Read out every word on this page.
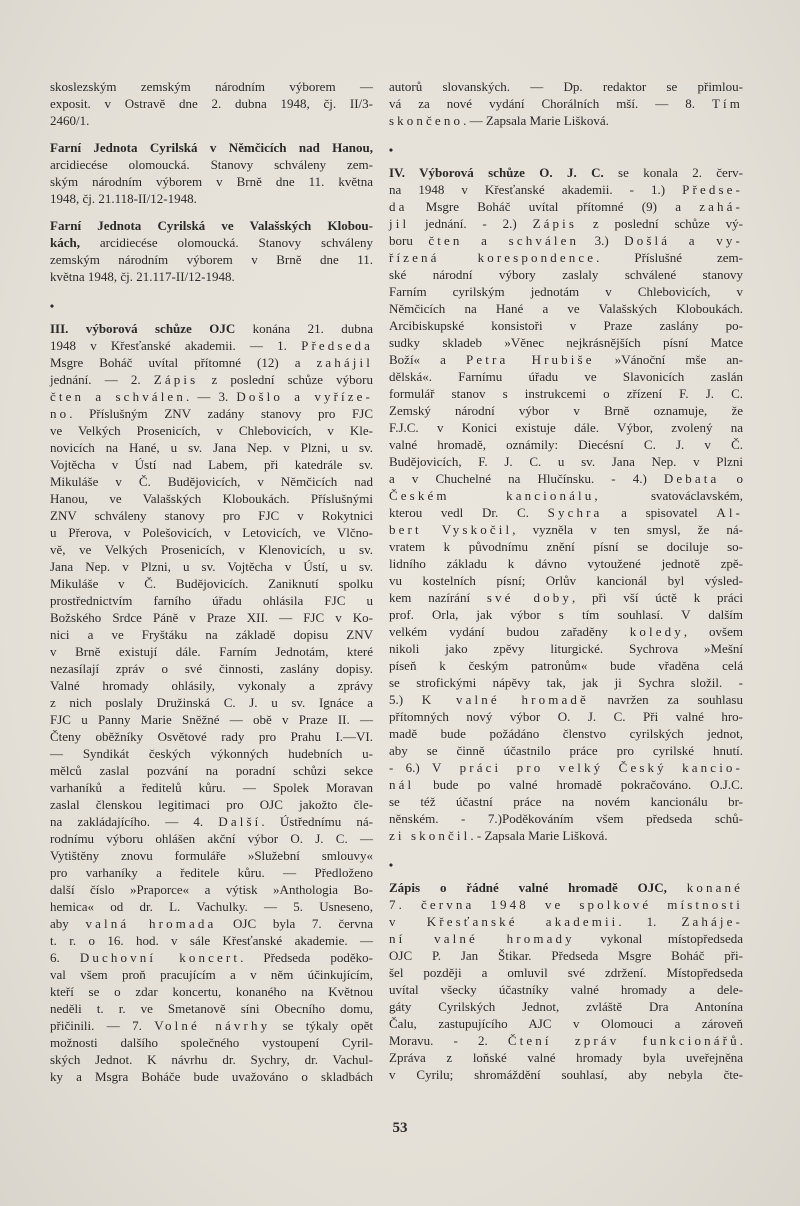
skoslezským zemským národním výborem —
exposit. v Ostravě dne 2. dubna 1948, čj. II/3-
2460/1.
Farní Jednota Cyrilská v Němčicích nad Hanou,
arcidiecése olomoucká. Stanovy schváleny zem-
ským národním výborem v Brně dne 11. května
1948, čj. 21.118-II/12-1948.
Farní Jednota Cyrilská ve Valašských Klobou-
kách, arcidiecése olomoucká. Stanovy schváleny
zemským národním výborem v Brně dne 11.
května 1948, čj. 21.117-II/12-1948.
•
III. výborová schůze OJC konána 21. dubna
1948 v Křesťanské akademii. — 1. Předseda
Msgre Boháč uvítal přítomné (12) a zahájil
jednání. — 2. Zápis z poslední schůze výboru
čten a schválen. — 3. Došlo a vyříze-
no. Příslušným ZNV zadány stanovy pro FJC
ve Velkých Prosenicích, v Chlebovicích, v Kle-
novicích na Hané, u sv. Jana Nep. v Plzni, u sv.
Vojtěcha v Ústí nad Labem, při katedrále sv.
Mikuláše v Č. Budějovicích, v Němčicích nad
Hanou, ve Valašských Kloboukách. Příslušnými
ZNV schváleny stanovy pro FJC v Rokytnici
u Přerova, v Polešovicích, v Letovicích, ve Vlčno-
vě, ve Velkých Prosenicích, v Klenovicích, u sv.
Jana Nep. v Plzni, u sv. Vojtěcha v Ústí, u sv.
Mikuláše v Č. Budějovicích. Zaniknutí spolku
prostřednictvím farního úřadu ohlásila FJC u
Božského Srdce Páně v Praze XII. — FJC v Ko-
nici a ve Fryštáku na základě dopisu ZNV
v Brně existují dále. Farním Jednotám, které
nezasílají zpráv o své činnosti, zaslány dopisy.
Valné hromady ohlásily, vykonaly a zprávy
z nich poslaly Družinská C. J. u sv. Ignáce a
FJC u Panny Marie Sněžné — obě v Praze II. —
Čteny oběžníky Osvětové rady pro Prahu I.—VI.
— Syndikát českých výkonných hudebních u-
mělců zaslal pozvání na poradní schůzi sekce
varhaníků a ředitelů kůru. — Spolek Moravan
zaslal členskou legitimaci pro OJC jakožto čle-
na zakládajícího. — 4. Další. Ústřednímu ná-
rodnímu výboru ohlášen akční výbor O. J. C. —
Vytištěny znovu formuláře »Služební smlouvy«
pro varhaníky a ředitele kůru. — Předloženo
další číslo »Praporce« a výtisk »Anthologia Bo-
hemica« od dr. L. Vachulky. — 5. Usneseno,
aby valná hromada OJC byla 7. června
t. r. o 16. hod. v sále Křesťanské akademie. —
6. Duchovní koncert. Předseda poděko-
val všem proň pracujícím a v něm účinkujícím,
kteří se o zdar koncertu, konaného na Květnou
neděli t. r. ve Smetanově síni Obecního domu,
přičinili. — 7. Volné návrhy se týkaly opět
možnosti dalšího společného vystoupení Cyril-
ských Jednot. K návrhu dr. Sychry, dr. Vachul-
ky a Msgra Boháče bude uvažováno o skladbách
autorů slovanských. — Dp. redaktor se přimlou-
vá za nové vydání Chorálních mší. — 8. Tím
skončeno. — Zapsala Marie Lišková.
•
IV. Výborová schůze O. J. C. se konala 2. červ-
na 1948 v Křesťanské akademii. - 1.) Předse-
da Msgre Boháč uvítal přítomné (9) a zahá-
jil jednání. - 2.) Zápis z poslední schůze vý-
boru čten a schválen 3.) Došlá a vy-
řízená korespondence. Příslušné zem-
ské národní výbory zaslaly schválené stanovy
Farním cyrilským jednotám v Chlebovicích, v
Němčicích na Hané a ve Valašských Kloboukách.
Arcibiskupské konsistoři v Praze zaslány po-
sudky skladeb »Věnec nejkrásnějších písní Matce
Boží« a Petra Hrubiše »Vánoční mše an-
dělská«. Farnímu úřadu ve Slavonicích zaslán
formulář stanov s instrukcemi o zřízení F. J. C.
Zemský národní výbor v Brně oznamuje, že
F.J.C. v Konici existuje dále. Výbor, zvolený na
valné hromadě, oznámily: Diecésní C. J. v Č.
Budějovicích, F. J. C. u sv. Jana Nep. v Plzni
a v Chuchelné na Hlučínsku. - 4.) Debata o
Českém kancionálu, svatováclavském,
kterou vedl Dr. C. Sychra a spisovatel Al-
bert Vyskočil, vyzněla v ten smysl, že ná-
vratem k původnímu znění písní se dociluje so-
lidního základu k dávno vytoužené jednotě zpě-
vu kostelních písní; Orlův kancionál byl výsled-
kem nazírání své doby, při vší úctě k práci
prof. Orla, jak výbor s tím souhlasí. V dalším
velkém vydání budou zařaděny koledy, ovšem
nikoli jako zpěvy liturgické. Sychrova »Mešní
píseň k českým patronům« bude vřaděna celá
se strofickými nápěvy tak, jak ji Sychra složil. -
5.) K valné hromadě navržen za souhlasu
přítomných nový výbor O. J. C. Při valné hro-
madě bude požádáno členstvo cyrilských jednot,
aby se činně účastnilo práce pro cyrilské hnutí.
- 6.) V práci pro velký Český kancio-
nál bude po valné hromadě pokračováno. O.J.C.
se též účastní práce na novém kancionálu br-
něnském. - 7.)Poděkováním všem předseda schů-
zi skončil. - Zapsala Marie Lišková.
•
Zápis o řádné valné hromadě OJC, konané
7. června 1948 ve spolkové místnosti
v Křesťanské akademii. 1. Zaháje-
ní valné hromady vykonal místopředseda
OJC P. Jan Štikar. Předseda Msgre Boháč při-
šel později a omluvil své zdržení. Místopředseda
uvítal všecky účastníky valné hromady a dele-
gáty Cyrilských Jednot, zvláště Dra Antonína
Čalu, zastupujícího AJC v Olomouci a zároveň
Moravu. - 2. Čtení zpráv funkcionářů.
Zpráva z loňské valné hromady byla uveřejněna
v Cyrilu; shromáždění souhlasí, aby nebyla čte-
53
